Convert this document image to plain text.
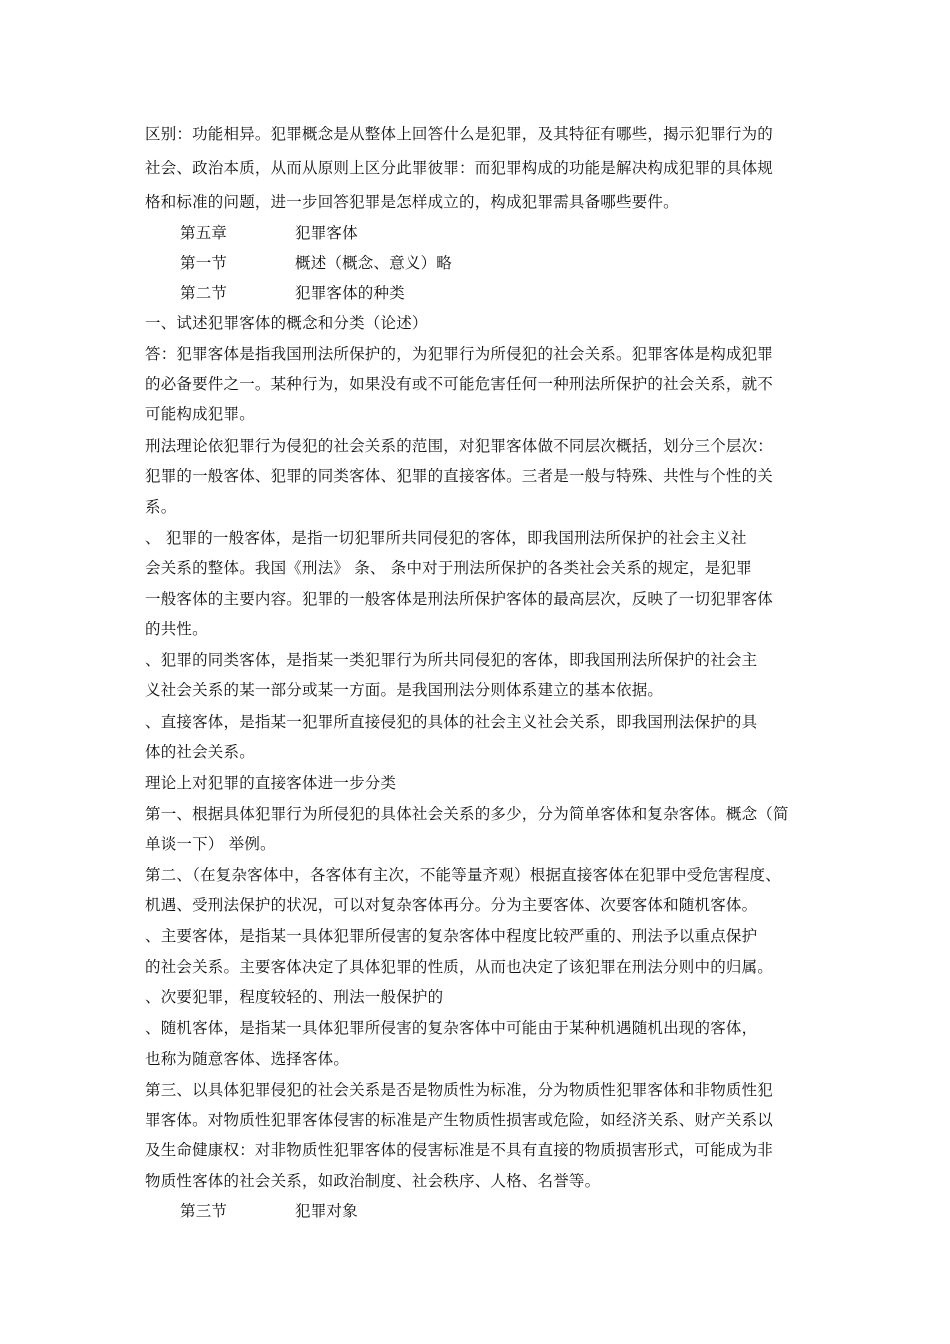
区别：功能相异。犯罪概念是从整体上回答什么是犯罪，及其特征有哪些，揭示犯罪行为的
社会、政治本质，从而从原则上区分此罪彼罪：而犯罪构成的功能是解决构成犯罪的具体规
格和标准的问题，进一步回答犯罪是怎样成立的，构成犯罪需具备哪些要件。
第五章	犯罪客体
第一节	概述（概念、意义）略
第二节	犯罪客体的种类
一、试述犯罪客体的概念和分类（论述）
答：犯罪客体是指我国刑法所保护的，为犯罪行为所侵犯的社会关系。犯罪客体是构成犯罪
的必备要件之一。某种行为，如果没有或不可能危害任何一种刑法所保护的社会关系，就不
可能构成犯罪。
刑法理论依犯罪行为侵犯的社会关系的范围，对犯罪客体做不同层次概括，划分三个层次：
犯罪的一般客体、犯罪的同类客体、犯罪的直接客体。三者是一般与特殊、共性与个性的关
系。
、 犯罪的一般客体，是指一切犯罪所共同侵犯的客体，即我国刑法所保护的社会主义社
会关系的整体。我国《刑法》 条、 条中对于刑法所保护的各类社会关系的规定，是犯罪
一般客体的主要内容。犯罪的一般客体是刑法所保护客体的最高层次，反映了一切犯罪客体
的共性。
、犯罪的同类客体，是指某一类犯罪行为所共同侵犯的客体，即我国刑法所保护的社会主
义社会关系的某一部分或某一方面。是我国刑法分则体系建立的基本依据。
、直接客体，是指某一犯罪所直接侵犯的具体的社会主义社会关系，即我国刑法保护的具
体的社会关系。
理论上对犯罪的直接客体进一步分类
第一、根据具体犯罪行为所侵犯的具体社会关系的多少，分为简单客体和复杂客体。概念（简
单谈一下） 举例。
第二、（在复杂客体中，各客体有主次，不能等量齐观）根据直接客体在犯罪中受危害程度、
机遇、受刑法保护的状况，可以对复杂客体再分。分为主要客体、次要客体和随机客体。
、主要客体，是指某一具体犯罪所侵害的复杂客体中程度比较严重的、刑法予以重点保护
的社会关系。主要客体决定了具体犯罪的性质，从而也决定了该犯罪在刑法分则中的归属。
、次要犯罪，程度较轻的、刑法一般保护的
、随机客体，是指某一具体犯罪所侵害的复杂客体中可能由于某种机遇随机出现的客体，
也称为随意客体、选择客体。
第三、以具体犯罪侵犯的社会关系是否是物质性为标准，分为物质性犯罪客体和非物质性犯
罪客体。对物质性犯罪客体侵害的标准是产生物质性损害或危险，如经济关系、财产关系以
及生命健康权：对非物质性犯罪客体的侵害标准是不具有直接的物质损害形式，可能成为非
物质性客体的社会关系，如政治制度、社会秩序、人格、名誉等。
第三节	犯罪对象
